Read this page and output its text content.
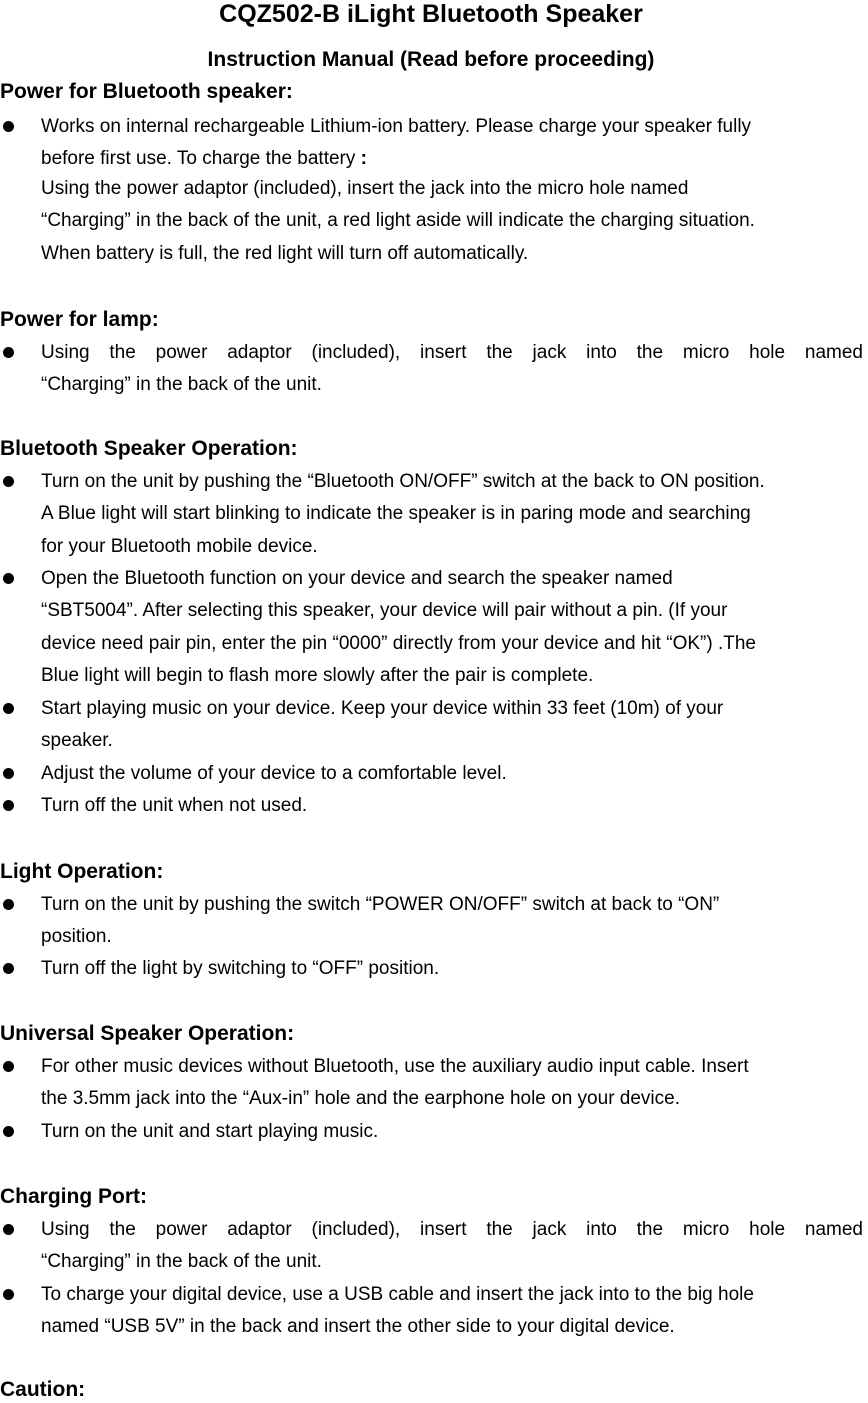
CQZ502-B iLight Bluetooth Speaker
Instruction Manual (Read before proceeding)
Power for Bluetooth speaker:
Works on internal rechargeable Lithium-ion battery. Please charge your speaker fully
before first use. To charge the battery :
Using the power adaptor (included), insert the jack into the micro hole named
“Charging” in the back of the unit, a red light aside will indicate the charging situation.
When battery is full, the red light will turn off automatically.
Power for lamp:
Using the power adaptor (included), insert the jack into the micro hole named
“Charging” in the back of the unit.
Bluetooth Speaker Operation:
Turn on the unit by pushing the “Bluetooth ON/OFF” switch at the back to ON position.
A Blue light will start blinking to indicate the speaker is in paring mode and searching
for your Bluetooth mobile device.
Open the Bluetooth function on your device and search the speaker named
“SBT5004”. After selecting this speaker, your device will pair without a pin. (If your
device need pair pin, enter the pin “0000” directly from your device and hit “OK”) .The
Blue light will begin to flash more slowly after the pair is complete.
Start playing music on your device. Keep your device within 33 feet (10m) of your
speaker.
Adjust the volume of your device to a comfortable level.
Turn off the unit when not used.
Light Operation:
Turn on the unit by pushing the switch “POWER ON/OFF” switch at back to “ON”
position.
Turn off the light by switching to “OFF” position.
Universal Speaker Operation:
For other music devices without Bluetooth, use the auxiliary audio input cable. Insert
the 3.5mm jack into the “Aux-in” hole and the earphone hole on your device.
Turn on the unit and start playing music.
Charging Port:
Using the power adaptor (included), insert the jack into the micro hole named
“Charging” in the back of the unit.
To charge your digital device, use a USB cable and insert the jack into to the big hole
named “USB 5V” in the back and insert the other side to your digital device.
Caution:
